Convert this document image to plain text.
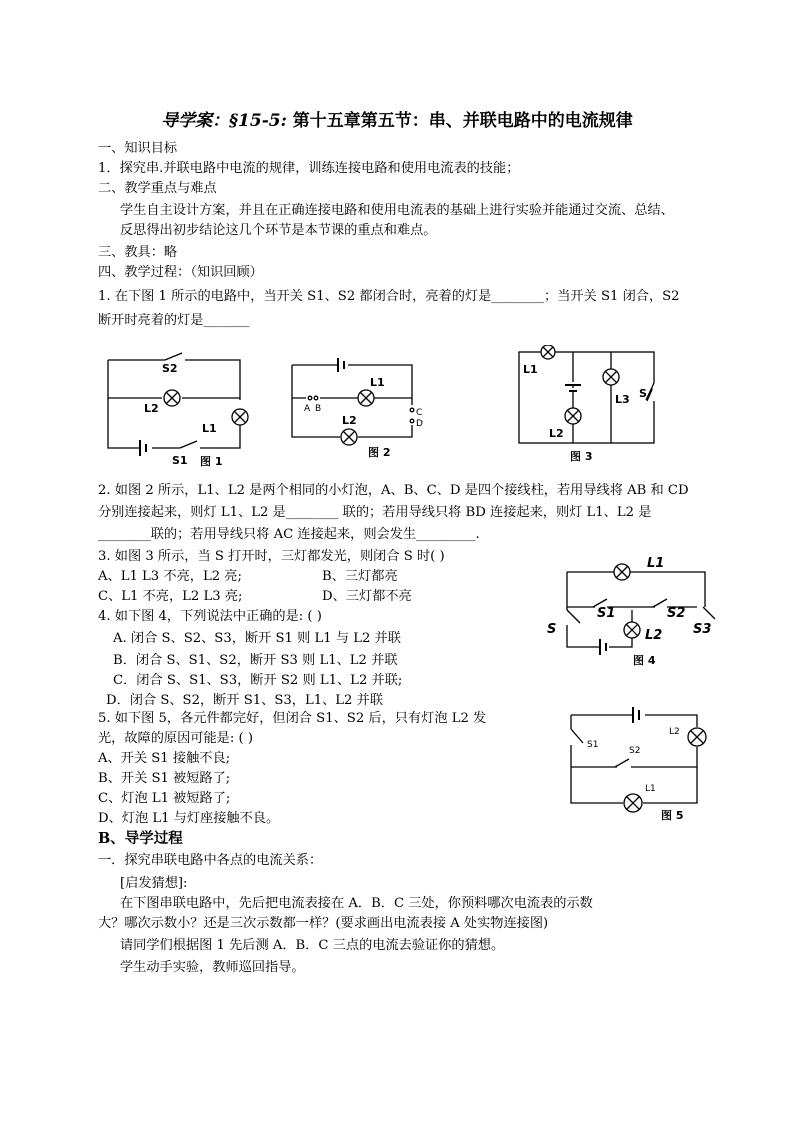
导学案：§15-5: 第十五章第五节：串、并联电路中的电流规律
一、知识目标
1．探究串.并联电路中电流的规律，训练连接电路和使用电流表的技能；
二、教学重点与难点
学生自主设计方案，并且在正确连接电路和使用电流表的基础上进行实验并能通过交流、总结、
反思得出初步结论这几个环节是本节课的重点和难点。
三、教具：略
四、教学过程：（知识回顾）
1. 在下图 1 所示的电路中，当开关 S1、S2 都闭合时，亮着的灯是________；当开关 S1 闭合，S2
断开时亮着的灯是_______
S2
L2
L1
S1 图 1
L1
L2
A B	C
D
图 2
L1
L2
L3 S
图 3
2. 如图 2 所示，L1、L2 是两个相同的小灯泡，A、B、C、D 是四个接线柱，若用导线将 AB 和 CD
分别连接起来，则灯 L1、L2 是________ 联的；若用导线只将 BD 连接起来，则灯 L1、L2 是
________联的；若用导线只将 AC 连接起来，则会发生_________.
3. 如图 3 所示，当 S 打开时，三灯都发光，则闭合 S 时( )
A、L1 L3 不亮，L2 亮;	B、三灯都亮
C、L1 不亮，L2 L3 亮;	D、三灯都不亮
4. 如下图 4，下列说法中正确的是: ( )
A. 闭合 S、S2、S3，断开 S1 则 L1 与 L2 并联
B．闭合 S、S1、S2，断开 S3 则 L1、L2 并联
C．闭合 S、S1、S3，断开 S2 则 L1、L2 并联;
D．闭合 S、S2，断开 S1、S3，L1、L2 并联
L1
S1	S2
S	L2 S3
图 4
5. 如下图 5，各元件都完好，但闭合 S1、S2 后，只有灯泡 L2 发
光，故障的原因可能是: ( )
A、开关 S1 接触不良;
B、开关 S1 被短路了;
C、灯泡 L1 被短路了;
D、灯泡 L1 与灯座接触不良。
S1
S2
L2
L1
图 5
B、导学过程
一．探究串联电路中各点的电流关系：
[启发猜想]:
在下图串联电路中，先后把电流表接在 A．B．C 三处，你预料哪次电流表的示数
大？哪次示数小？还是三次示数都一样？(要求画出电流表接 A 处实物连接图)
请同学们根据图 1 先后测 A．B．C 三点的电流去验证你的猜想。
学生动手实验，教师巡回指导。
